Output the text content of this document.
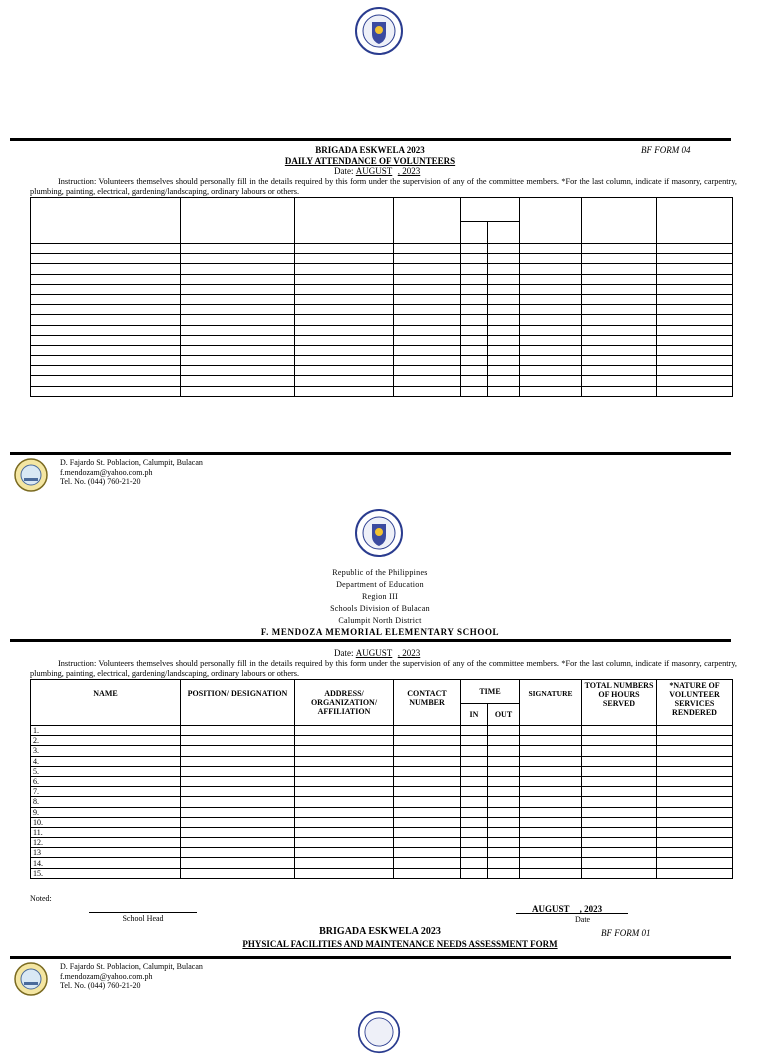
BRIGADA ESKWELA 2023	BF FORM 04
DAILY ATTENDANCE OF VOLUNTEERS
Date: AUGUST , 2023
Instruction: Volunteers themselves should personally fill in the details required by this form under the supervision of any of the committee members. *For the last column, indicate if masonry, carpentry, plumbing, painting, electrical, gardening/landscaping, ordinary labours or others.

D. Fajardo St. Poblacion, Calumpit, Bulacan
f.mendozam@yahoo.com.ph
Tel. No. (044) 760-21-20
Republic of the Philippines
Department of Education
Region III
Schools Division of Bulacan
Calumpit North District
F. MENDOZA MEMORIAL ELEMENTARY SCHOOL
Date: AUGUST , 2023
Instruction: Volunteers themselves should personally fill in the details required by this form under the supervision of any of the committee members. *For the last column, indicate if masonry, carpentry, plumbing, painting, electrical, gardening/landscaping, ordinary labours or others.
NAME	POSITION/ DESIGNATION	ADDRESS/ ORGANIZATION/ AFFILIATION	CONTACT NUMBER	TIME		SIGNATURE	TOTAL NUMBERS OF HOURS SERVED	*NATURE OF VOLUNTEER SERVICES RENDERED
				IN	OUT			
1.								
2.								
3.								
4.								
5.								
6.								
7.								
8.								
9.								
10.								
11.								
12.								
13								
14.								
15.								
Noted:
School Head
AUGUST , 2023
Date
BRIGADA ESKWELA 2023	BF FORM 01
PHYSICAL FACILITIES AND MAINTENANCE NEEDS ASSESSMENT FORM
D. Fajardo St. Poblacion, Calumpit, Bulacan
f.mendozam@yahoo.com.ph
Tel. No. (044) 760-21-20
